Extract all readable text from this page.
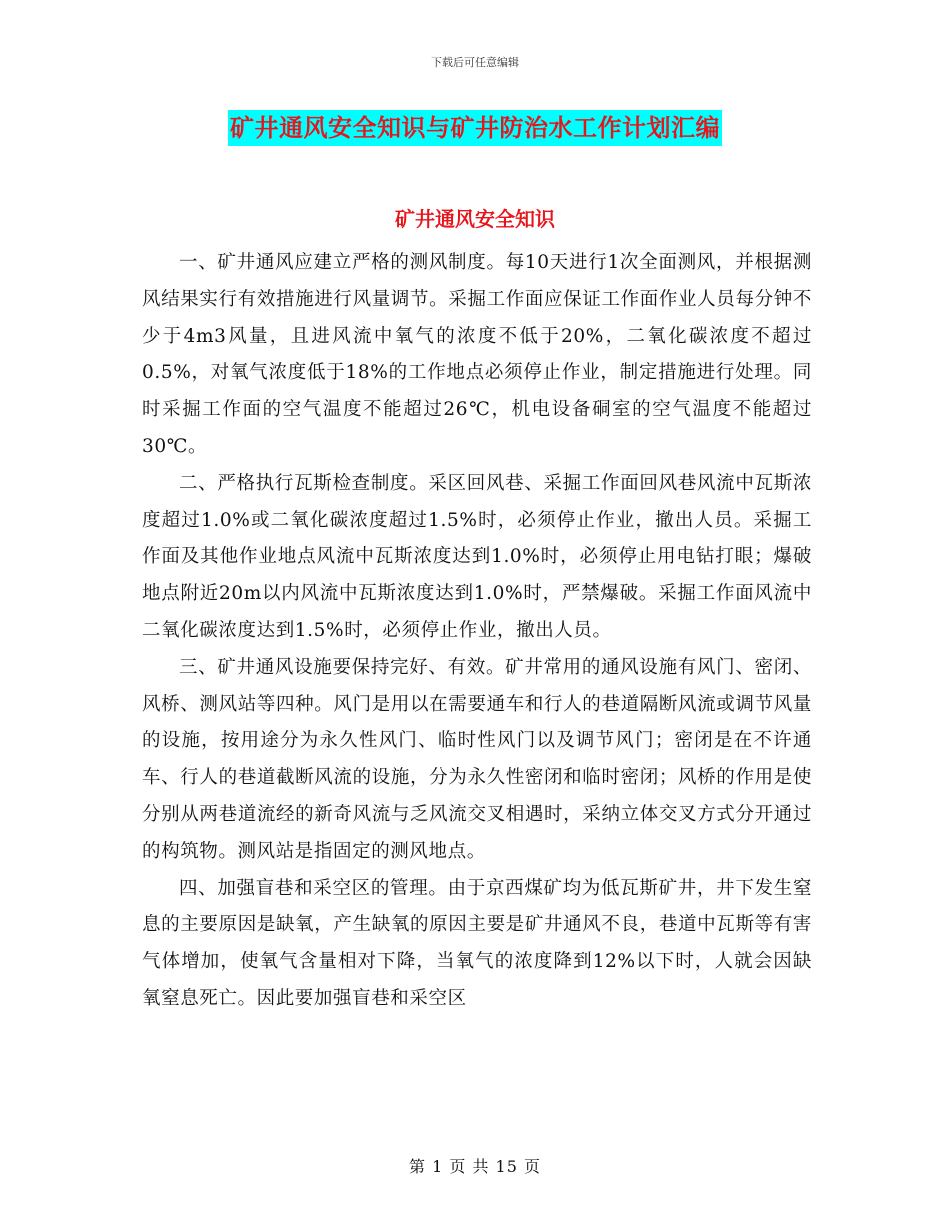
下载后可任意编辑
矿井通风安全知识与矿井防治水工作计划汇编
矿井通风安全知识

一、矿井通风应建立严格的测风制度。每10天进行1次全面测风，并根据测风结果实行有效措施进行风量调节。采掘工作面应保证工作面作业人员每分钟不少于4m3风量，且进风流中氧气的浓度不低于20%，二氧化碳浓度不超过0.5%，对氧气浓度低于18%的工作地点必须停止作业，制定措施进行处理。同时采掘工作面的空气温度不能超过26℃，机电设备硐室的空气温度不能超过30℃。

二、严格执行瓦斯检查制度。采区回风巷、采掘工作面回风巷风流中瓦斯浓度超过1.0%或二氧化碳浓度超过1.5%时，必须停止作业，撤出人员。采掘工作面及其他作业地点风流中瓦斯浓度达到1.0%时，必须停止用电钻打眼；爆破地点附近20m以内风流中瓦斯浓度达到1.0%时，严禁爆破。采掘工作面风流中二氧化碳浓度达到1.5%时，必须停止作业，撤出人员。

三、矿井通风设施要保持完好、有效。矿井常用的通风设施有风门、密闭、风桥、测风站等四种。风门是用以在需要通车和行人的巷道隔断风流或调节风量的设施，按用途分为永久性风门、临时性风门以及调节风门；密闭是在不许通车、行人的巷道截断风流的设施，分为永久性密闭和临时密闭；风桥的作用是使分别从两巷道流经的新奇风流与乏风流交叉相遇时，采纳立体交叉方式分开通过的构筑物。测风站是指固定的测风地点。

四、加强盲巷和采空区的管理。由于京西煤矿均为低瓦斯矿井，井下发生窒息的主要原因是缺氧，产生缺氧的原因主要是矿井通风不良，巷道中瓦斯等有害气体增加，使氧气含量相对下降，当氧气的浓度降到12%以下时，人就会因缺氧窒息死亡。因此要加强盲巷和采空区

第 1 页 共 15 页
